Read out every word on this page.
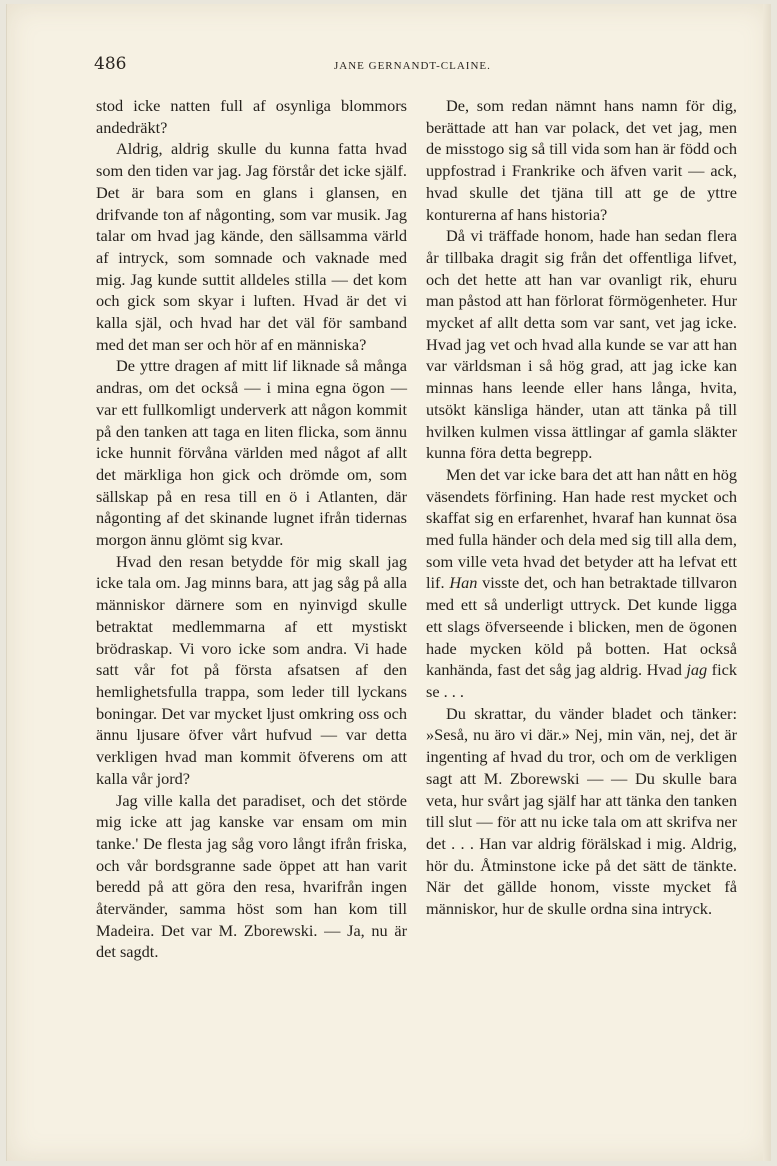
486	JANE GERNANDT-CLAINE.

stod icke natten full af osynliga blommors andedräkt?

Aldrig, aldrig skulle du kunna fatta hvad som den tiden var jag. Jag förstår det icke själf. Det är bara som en glans i glansen, en drifvande ton af någonting, som var musik. Jag talar om hvad jag kände, den sällsamma värld af intryck, som somnade och vaknade med mig. Jag kunde suttit alldeles stilla — det kom och gick som skyar i luften. Hvad är det vi kalla själ, och hvad har det väl för samband med det man ser och hör af en människa?

De yttre dragen af mitt lif liknade så många andras, om det också — i mina egna ögon — var ett fullkomligt underverk att någon kommit på den tanken att taga en liten flicka, som ännu icke hunnit förvåna världen med något af allt det märkliga hon gick och drömde om, som sällskap på en resa till en ö i Atlanten, där någonting af det skinande lugnet ifrån tidernas morgon ännu glömt sig kvar.

Hvad den resan betydde för mig skall jag icke tala om. Jag minns bara, att jag såg på alla människor därnere som en nyinvigd skulle betraktat medlemmarna af ett mystiskt brödraskap. Vi voro icke som andra. Vi hade satt vår fot på första afsatsen af den hemlighetsfulla trappa, som leder till lyckans boningar. Det var mycket ljust omkring oss och ännu ljusare öfver vårt hufvud — var detta verkligen hvad man kommit öfverens om att kalla vår jord?

Jag ville kalla det paradiset, och det störde mig icke att jag kanske var ensam om min tanke.' De flesta jag såg voro långt ifrån friska, och vår bordsgranne sade öppet att han varit beredd på att göra den resa, hvarifrån ingen återvänder, samma höst som han kom till Madeira. Det var M. Zborewski. — Ja, nu är det sagdt.

De, som redan nämnt hans namn för dig, berättade att han var polack, det vet jag, men de misstogo sig så till vida som han är född och uppfostrad i Frankrike och äfven varit — ack, hvad skulle det tjäna till att ge de yttre konturerna af hans historia?

Då vi träffade honom, hade han sedan flera år tillbaka dragit sig från det offentliga lifvet, och det hette att han var ovanligt rik, ehuru man påstod att han förlorat förmögenheter. Hur mycket af allt detta som var sant, vet jag icke. Hvad jag vet och hvad alla kunde se var att han var världsman i så hög grad, att jag icke kan minnas hans leende eller hans långa, hvita, utsökt känsliga händer, utan att tänka på till hvilken kulmen vissa ättlingar af gamla släkter kunna föra detta begrepp.

Men det var icke bara det att han nått en hög väsendets förfining. Han hade rest mycket och skaffat sig en erfarenhet, hvaraf han kunnat ösa med fulla händer och dela med sig till alla dem, som ville veta hvad det betyder att ha lefvat ett lif. Han visste det, och han betraktade tillvaron med ett så underligt uttryck. Det kunde ligga ett slags öfverseende i blicken, men de ögonen hade mycken köld på botten. Hat också kanhända, fast det såg jag aldrig. Hvad jag fick se . . .

Du skrattar, du vänder bladet och tänker: »Seså, nu äro vi där.» Nej, min vän, nej, det är ingenting af hvad du tror, och om de verkligen sagt att M. Zborewski — — Du skulle bara veta, hur svårt jag själf har att tänka den tanken till slut — för att nu icke tala om att skrifva ner det . . . Han var aldrig förälskad i mig. Aldrig, hör du. Åtminstone icke på det sätt de tänkte. När det gällde honom, visste mycket få människor, hur de skulle ordna sina intryck.
